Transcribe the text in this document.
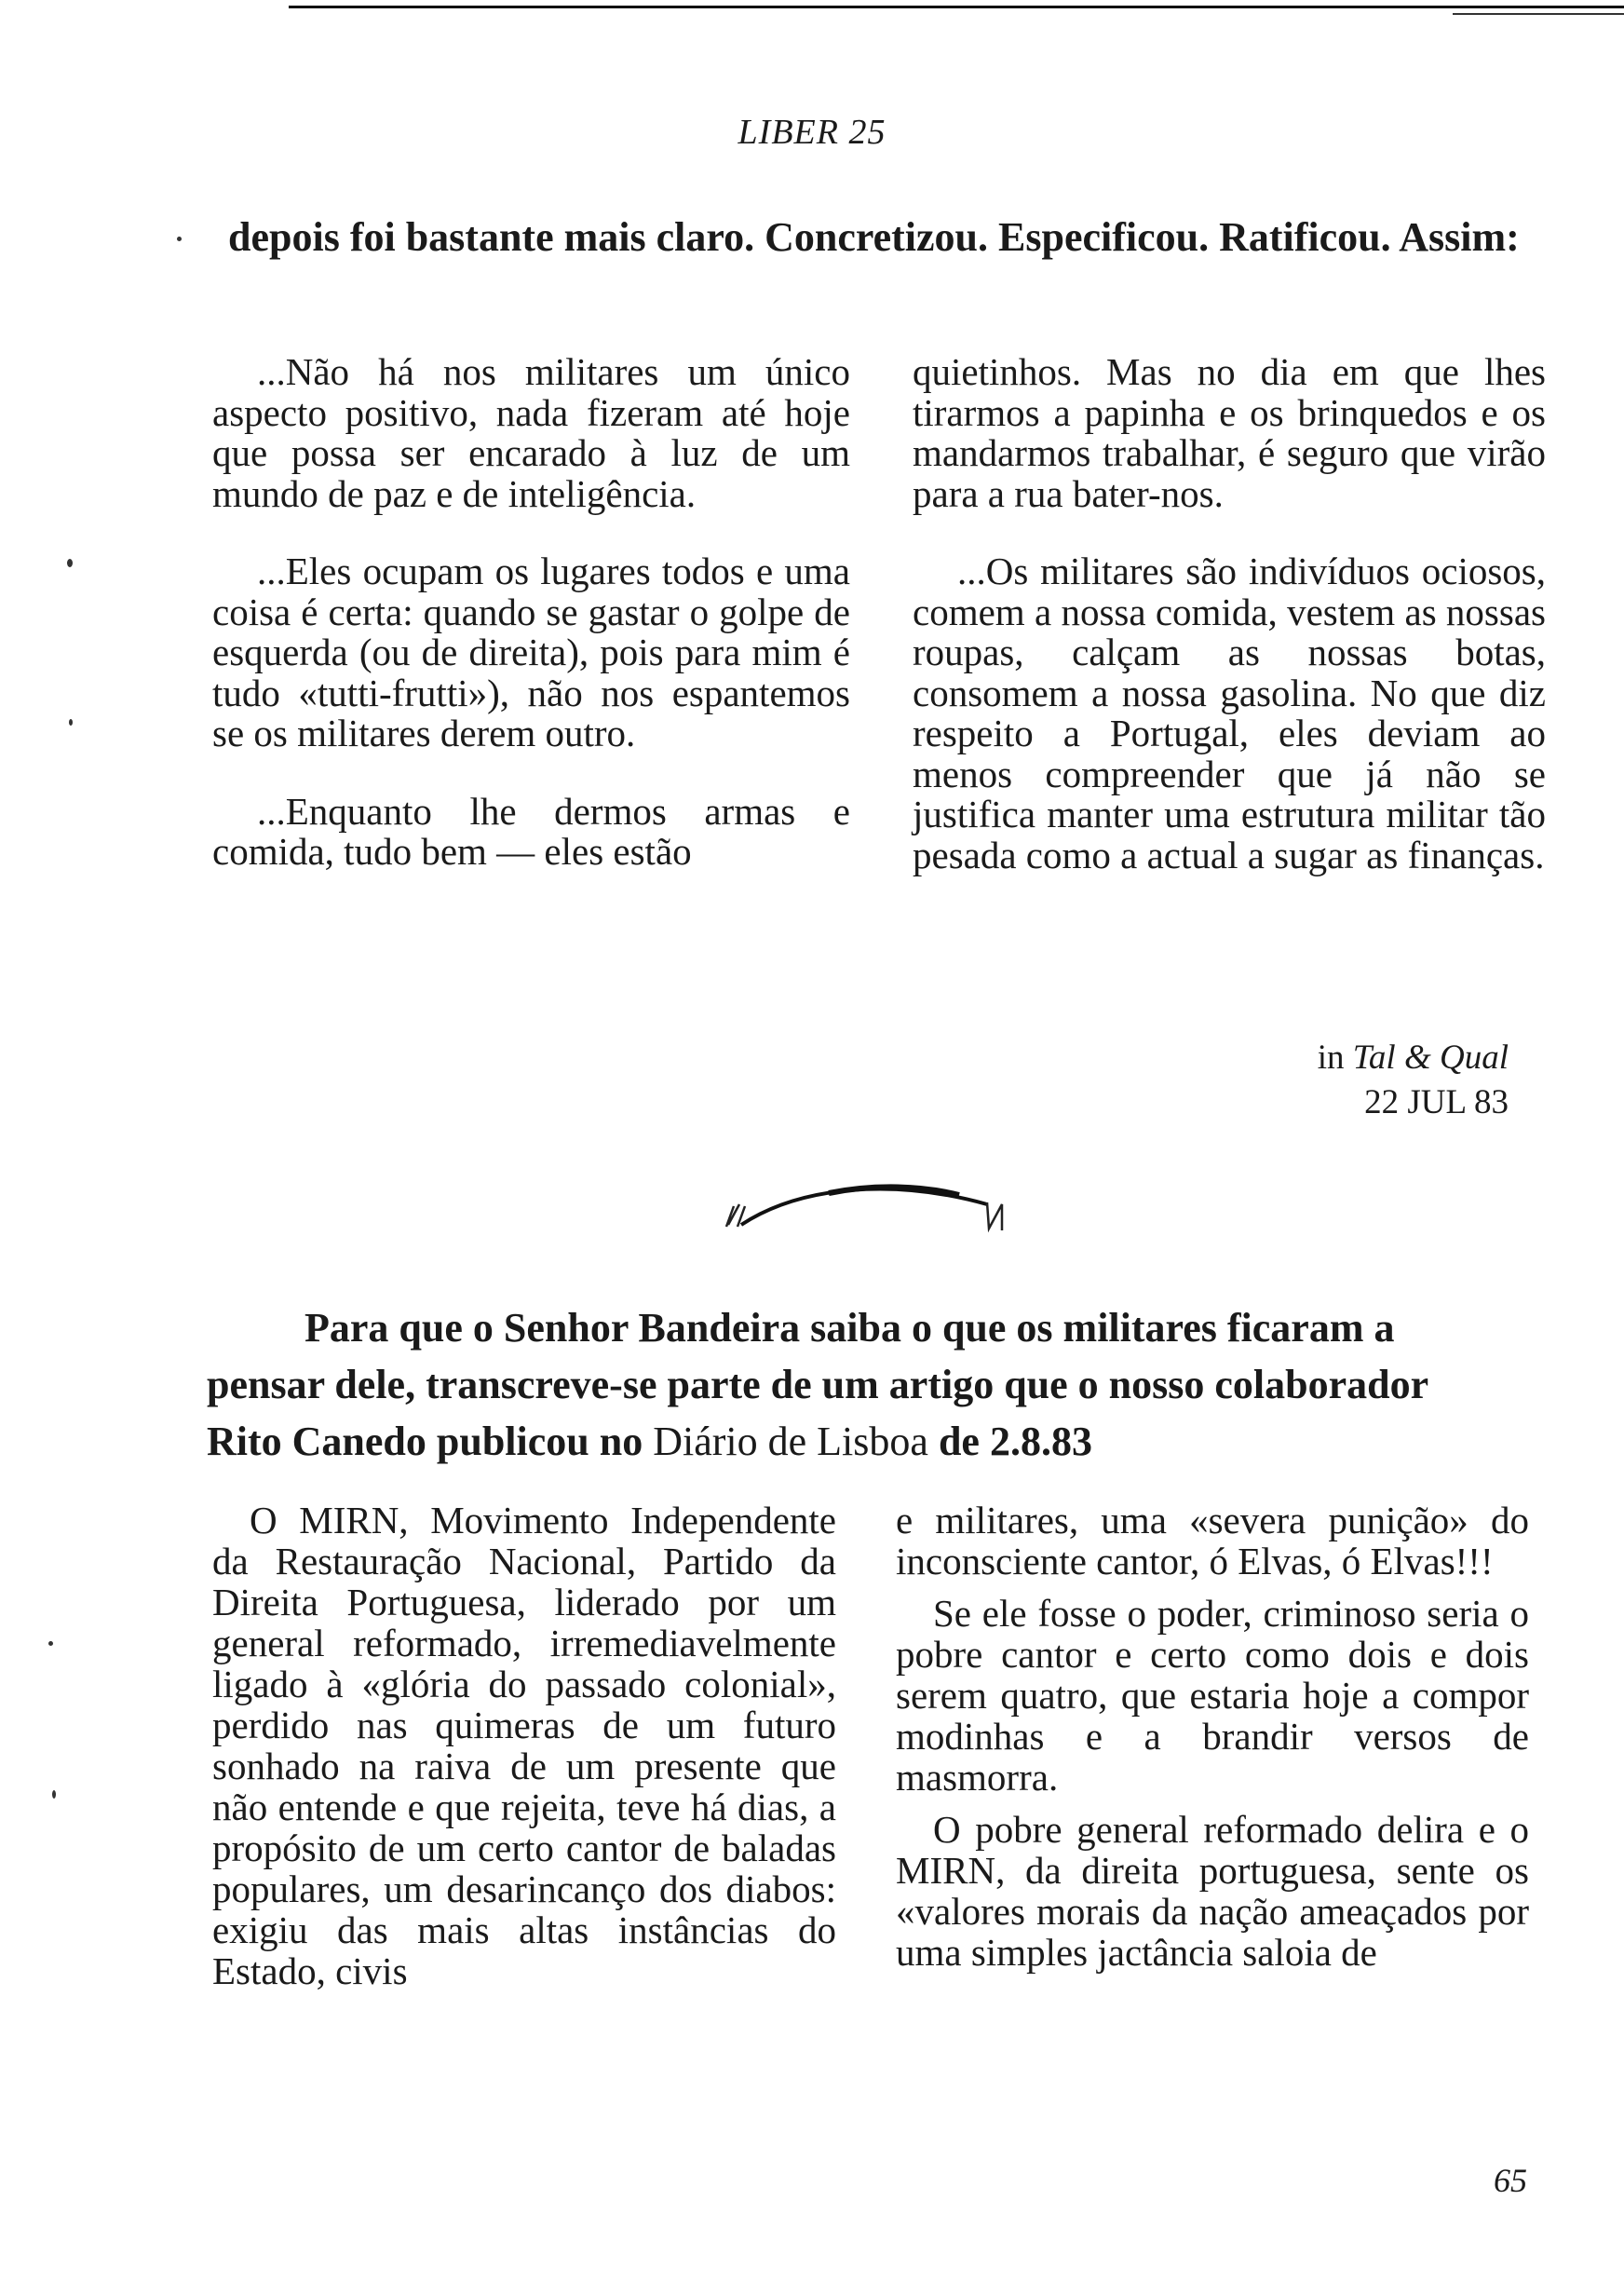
LIBER 25
depois foi bastante mais claro. Concretizou. Especificou. Ratificou. Assim:

...Não há nos militares um único aspecto positivo, nada fizeram até hoje que possa ser encarado à luz de um mundo de paz e de inteligência.

...Eles ocupam os lugares todos e uma coisa é certa: quando se gastar o golpe de esquerda (ou de direita), pois para mim é tudo «tutti-frutti»), não nos espantemos se os militares derem outro.

...Enquanto lhe dermos armas e comida, tudo bem — eles estão

quietinhos. Mas no dia em que lhes tirarmos a papinha e os brinquedos e os mandarmos trabalhar, é seguro que virão para a rua bater-nos.

...Os militares são indivíduos ociosos, comem a nossa comida, vestem as nossas roupas, calçam as nossas botas, consomem a nossa gasolina. No que diz respeito a Portugal, eles deviam ao menos compreender que já não se justifica manter uma estrutura militar tão pesada como a actual a sugar as finanças.

in Tal & Qual
22 JUL 83
Para que o Senhor Bandeira saiba o que os militares ficaram a
pensar dele, transcreve-se parte de um artigo que o nosso colaborador
Rito Canedo publicou no Diário de Lisboa de 2.8.83

O MIRN, Movimento Independente da Restauração Nacional, Partido da Direita Portuguesa, liderado por um general reformado, irremediavelmente ligado à «glória do passado colonial», perdido nas quimeras de um futuro sonhado na raiva de um presente que não entende e que rejeita, teve há dias, a propósito de um certo cantor de baladas populares, um desarincanço dos diabos: exigiu das mais altas instâncias do Estado, civis

e militares, uma «severa punição» do inconsciente cantor, ó Elvas, ó Elvas!!!

Se ele fosse o poder, criminoso seria o pobre cantor e certo como dois e dois serem quatro, que estaria hoje a compor modinhas e a brandir versos de masmorra.

O pobre general reformado delira e o MIRN, da direita portuguesa, sente os «valores morais da nação ameaçados por uma simples jactância saloia de

65
